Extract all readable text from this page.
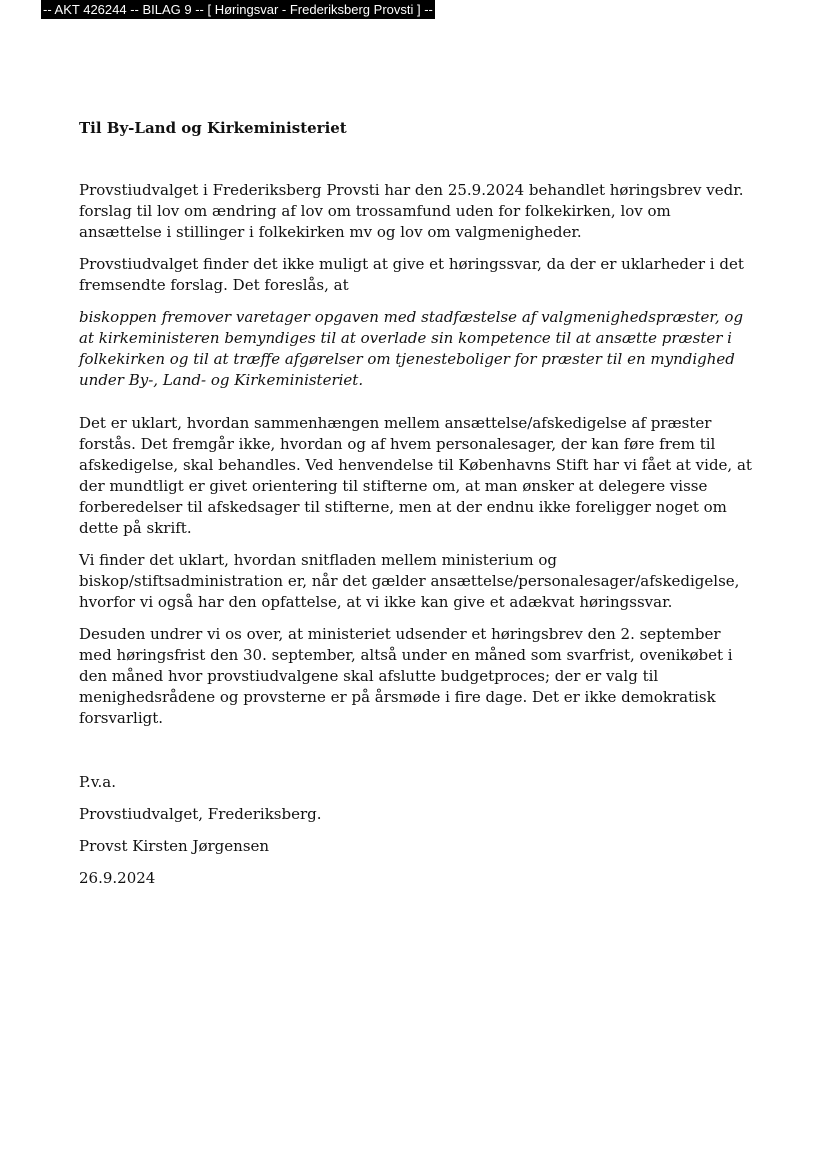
-- AKT 426244 -- BILAG 9 -- [ Høringsvar - Frederiksberg Provsti ] --

Til By-Land og Kirkeministeriet

Provstiudvalget i Frederiksberg Provsti har den 25.9.2024 behandlet høringsbrev vedr. forslag til lov om ændring af lov om trossamfund uden for folkekirken, lov om ansættelse i stillinger i folkekirken mv og lov om valgmenigheder.

Provstiudvalget finder det ikke muligt at give et høringssvar, da der er uklarheder i det fremsendte forslag. Det foreslås, at

biskoppen fremover varetager opgaven med stadfæstelse af valgmenighedspræster, og at kirkeministeren bemyndiges til at overlade sin kompetence til at ansætte præster i folkekirken og til at træffe afgørelser om tjenesteboliger for præster til en myndighed under By-, Land- og Kirkeministeriet.

Det er uklart, hvordan sammenhængen mellem ansættelse/afskedigelse af præster forstås. Det fremgår ikke, hvordan og af hvem personalesager, der kan føre frem til afskedigelse, skal behandles. Ved henvendelse til Københavns Stift har vi fået at vide, at der mundtligt er givet orientering til stifterne om, at man ønsker at delegere visse forberedelser til afskedsager til stifterne, men at der endnu ikke foreligger noget om dette på skrift.

Vi finder det uklart, hvordan snitfladen mellem ministerium og biskop/stiftsadministration er, når det gælder ansættelse/personalesager/afskedigelse, hvorfor vi også har den opfattelse, at vi ikke kan give et adækvat høringssvar.

Desuden undrer vi os over, at ministeriet udsender et høringsbrev den 2. september med høringsfrist den 30. september, altså under en måned som svarfrist, ovenikøbet i den måned hvor provstiudvalgene skal afslutte budgetproces; der er valg til menighedsrådene og provsterne er på årsmøde i fire dage. Det er ikke demokratisk forsvarligt.

P.v.a.

Provstiudvalget, Frederiksberg.

Provst Kirsten Jørgensen

26.9.2024
